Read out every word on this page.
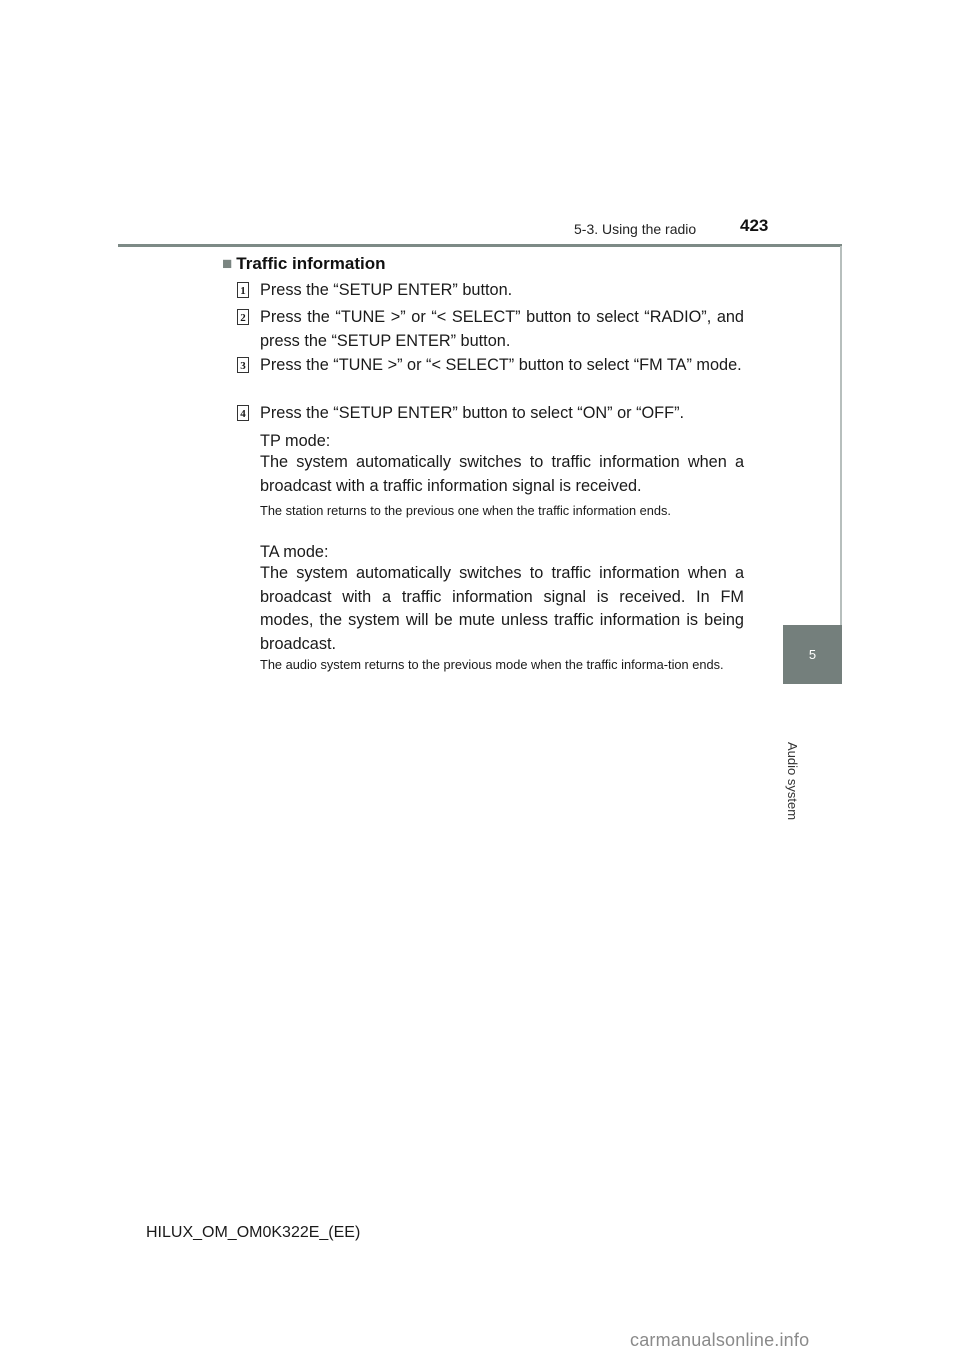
5-3. Using the radio	423
5
Audio system
■ Traffic information
1 Press the “SETUP ENTER” button.
2 Press the “TUNE >” or “< SELECT” button to select “RADIO”, and press the “SETUP ENTER” button.
3 Press the “TUNE >” or “< SELECT” button to select “FM TA” mode.
4 Press the “SETUP ENTER” button to select “ON” or “OFF”.
TP mode:
The system automatically switches to traffic information when a broadcast with a traffic information signal is received.
The station returns to the previous one when the traffic information ends.
TA mode:
The system automatically switches to traffic information when a broadcast with a traffic information signal is received. In FM modes, the system will be mute unless traffic information is being broadcast.
The audio system returns to the previous mode when the traffic informa-tion ends.
HILUX_OM_OM0K322E_(EE)
carmanualsonline.info
